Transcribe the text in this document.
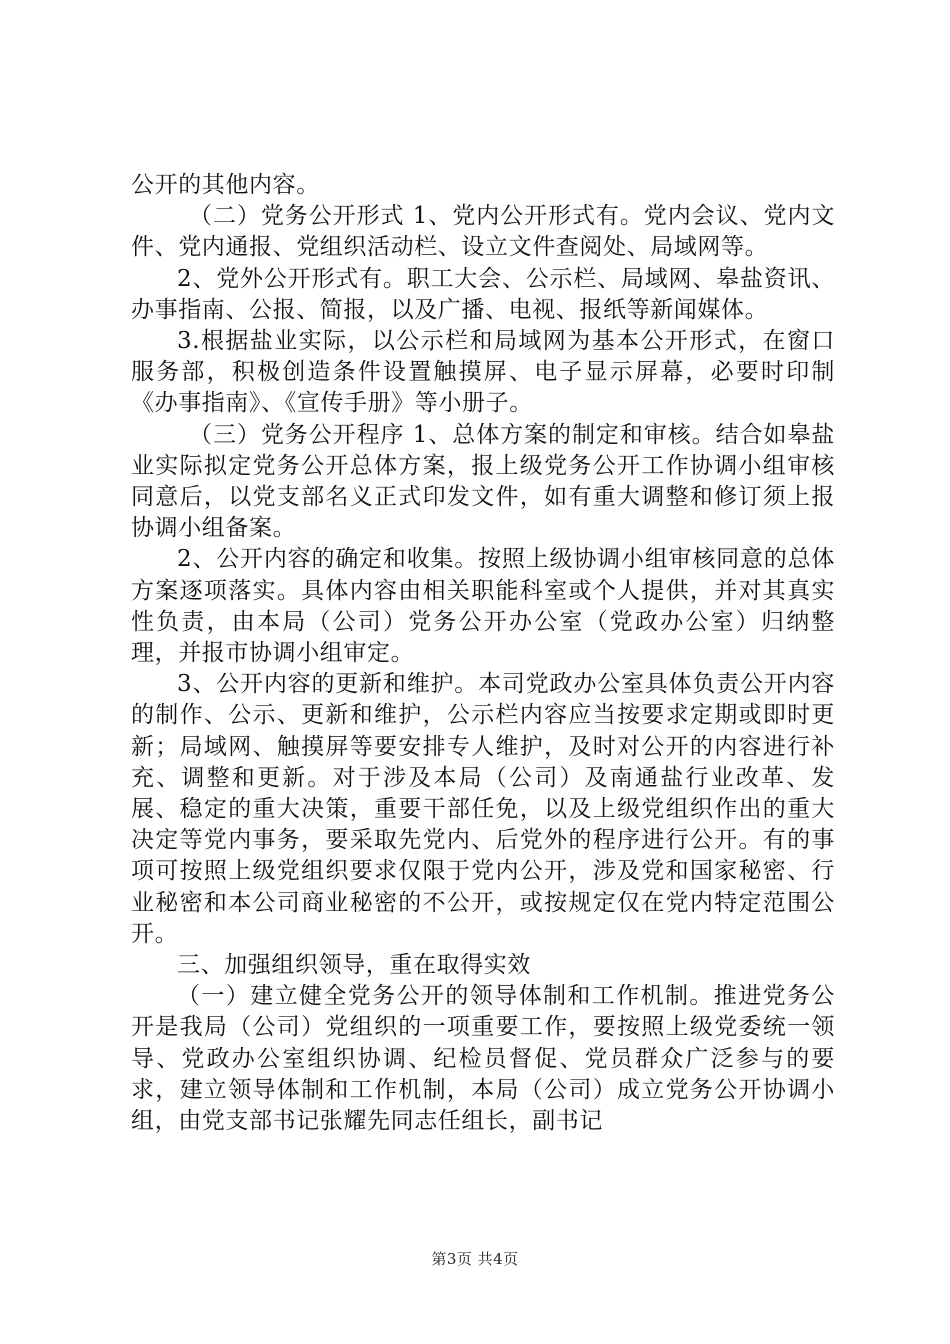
公开的其他内容。

（二）党务公开形式 1、党内公开形式有。党内会议、党内文件、党内通报、党组织活动栏、设立文件查阅处、局域网等。

2、党外公开形式有。职工大会、公示栏、局域网、皋盐资讯、办事指南、公报、简报，以及广播、电视、报纸等新闻媒体。

3.根据盐业实际，以公示栏和局域网为基本公开形式，在窗口服务部，积极创造条件设置触摸屏、电子显示屏幕，必要时印制《办事指南》、《宣传手册》等小册子。

（三）党务公开程序 1、总体方案的制定和审核。结合如皋盐业实际拟定党务公开总体方案，报上级党务公开工作协调小组审核同意后，以党支部名义正式印发文件，如有重大调整和修订须上报协调小组备案。

2、公开内容的确定和收集。按照上级协调小组审核同意的总体方案逐项落实。具体内容由相关职能科室或个人提供，并对其真实性负责，由本局（公司）党务公开办公室（党政办公室）归纳整理，并报市协调小组审定。

3、公开内容的更新和维护。本司党政办公室具体负责公开内容的制作、公示、更新和维护，公示栏内容应当按要求定期或即时更新；局域网、触摸屏等要安排专人维护，及时对公开的内容进行补充、调整和更新。对于涉及本局（公司）及南通盐行业改革、发展、稳定的重大决策，重要干部任免，以及上级党组织作出的重大决定等党内事务，要采取先党内、后党外的程序进行公开。有的事项可按照上级党组织要求仅限于党内公开，涉及党和国家秘密、行业秘密和本公司商业秘密的不公开，或按规定仅在党内特定范围公开。

三、加强组织领导，重在取得实效

（一）建立健全党务公开的领导体制和工作机制。推进党务公开是我局（公司）党组织的一项重要工作，要按照上级党委统一领导、党政办公室组织协调、纪检员督促、党员群众广泛参与的要求，建立领导体制和工作机制，本局（公司）成立党务公开协调小组，由党支部书记张耀先同志任组长，副书记

第3页 共4页
